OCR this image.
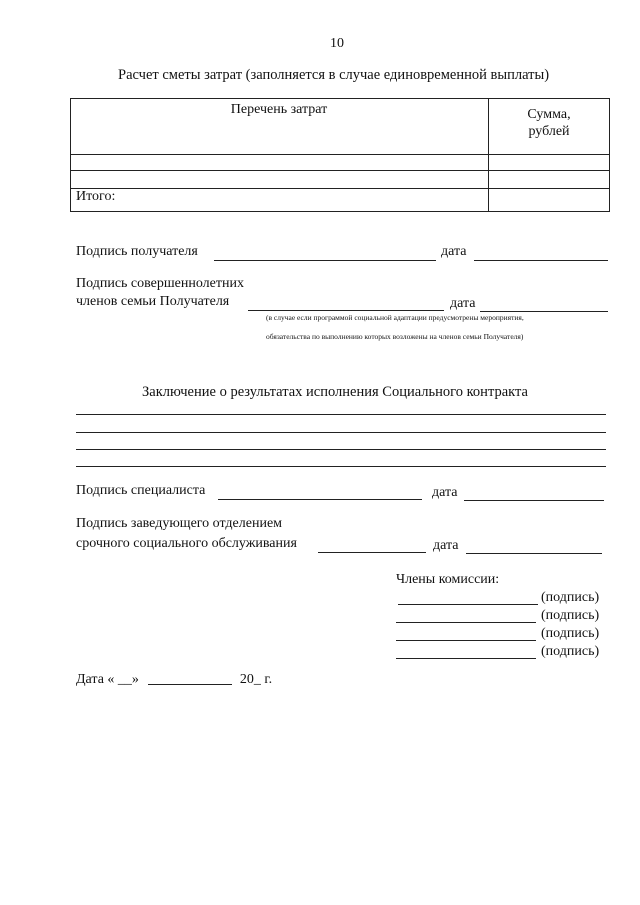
10
Расчет сметы затрат (заполняется в случае единовременной выплаты)
Перечень затрат	Сумма,
рублей
Итого:
Подпись получателя	дата
Подпись совершеннолетних
членов семьи Получателя	дата
(в случае если программой социальной адаптации предусмотрены мероприятия,
обязательства по выполнению которых возложены на членов семьи Получателя)
Заключение о результатах исполнения Социального контракта
Подпись специалиста	дата
Подпись заведующего отделением
срочного социального обслуживания	дата
Члены комиссии:
(подпись)
(подпись)
(подпись)
(подпись)
Дата « __»	20_ г.
